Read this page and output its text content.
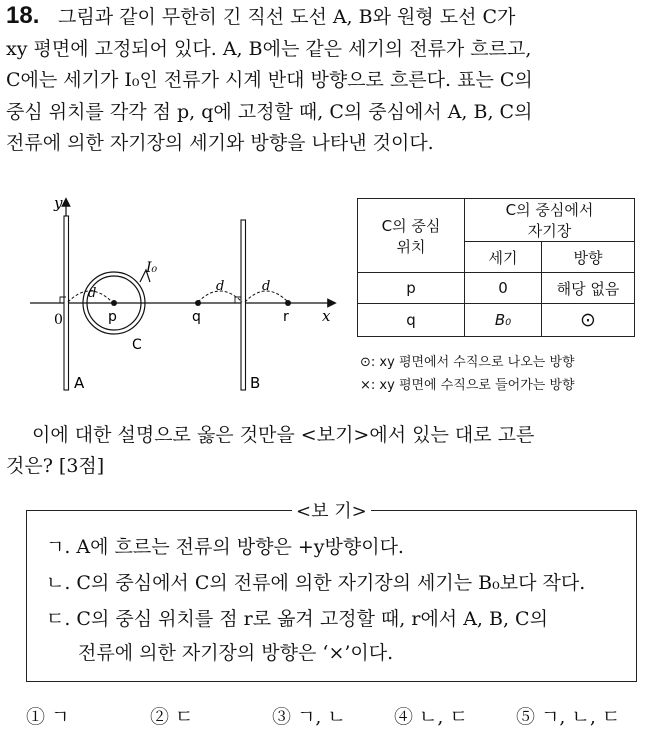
18. 그림과 같이 무한히 긴 직선 도선 A, B와 원형 도선 C가
xy 평면에 고정되어 있다. A, B에는 같은 세기의 전류가 흐르고,
C에는 세기가 I₀인 전류가 시계 반대 방향으로 흐른다. 표는 C의
중심 위치를 각각 점 p, q에 고정할 때, C의 중심에서 A, B, C의
전류에 의한 자기장의 세기와 방향을 나타낸 것이다.
y
x
0
A	B
I₀
C
d	d	d
p	q	r
C의 중심
위치	C의 중심에서
자기장	
	세기	방향
p	0	해당 없음
q	B₀	⊙
⊙: xy 평면에서 수직으로 나오는 방향
×: xy 평면에 수직으로 들어가는 방향
이에 대한 설명으로 옳은 것만을 <보기>에서 있는 대로 고른
것은? [3점]
<보 기>
ㄱ. A에 흐르는 전류의 방향은 +y방향이다.
ㄴ. C의 중심에서 C의 전류에 의한 자기장의 세기는 B₀보다 작다.
ㄷ. C의 중심 위치를 점 r로 옮겨 고정할 때, r에서 A, B, C의
전류에 의한 자기장의 방향은 ‘×’이다.
① ㄱ	② ㄷ	③ ㄱ, ㄴ	④ ㄴ, ㄷ	⑤ ㄱ, ㄴ, ㄷ
